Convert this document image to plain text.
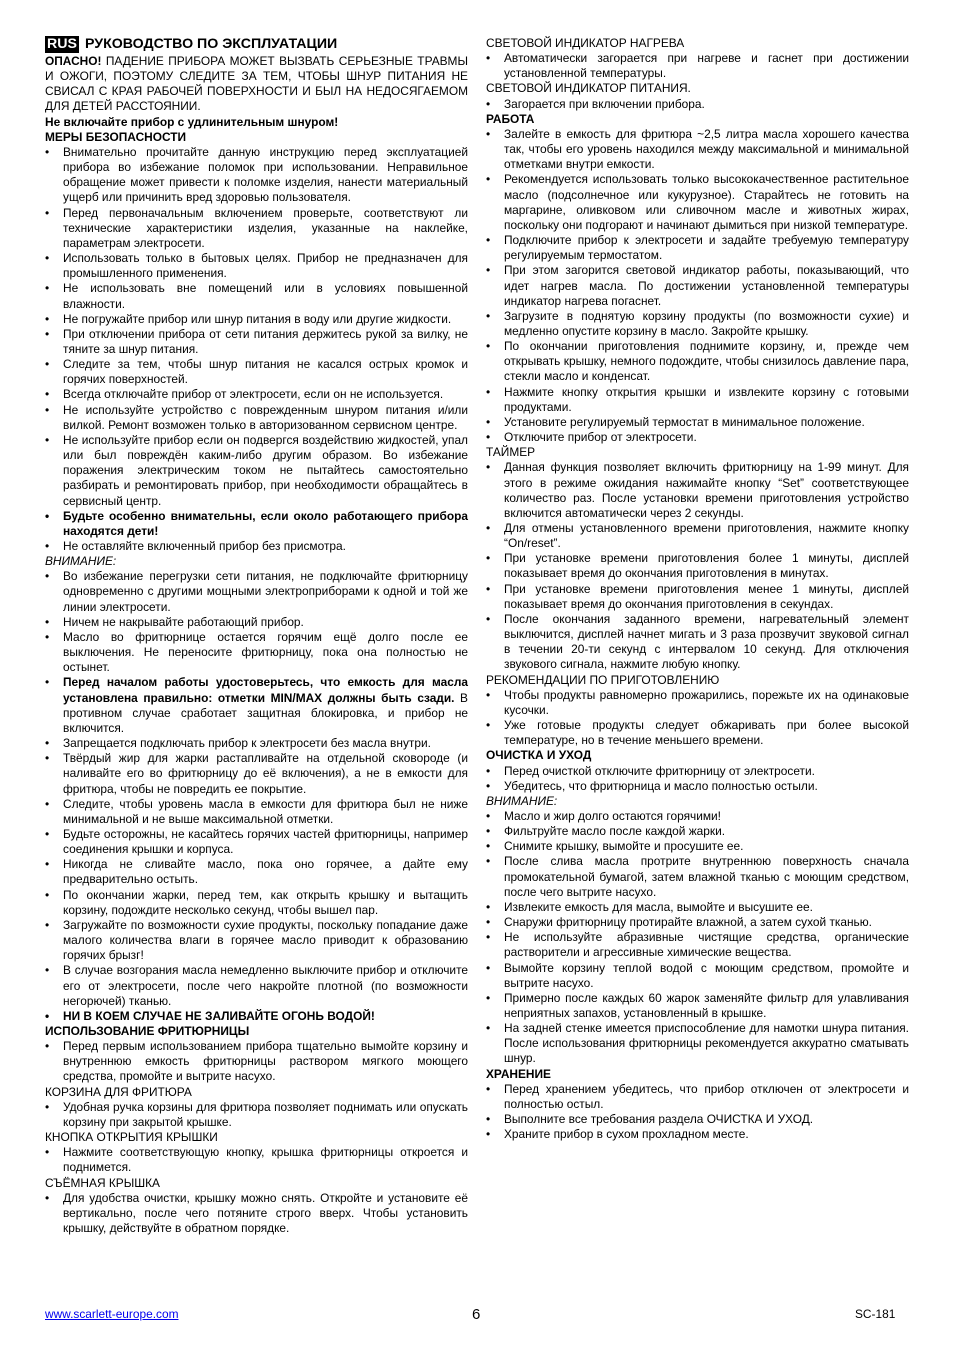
RUS РУКОВОДСТВО ПО ЭКСПЛУАТАЦИИ

ОПАСНО! ПАДЕНИЕ ПРИБОРА МОЖЕТ ВЫЗВАТЬ СЕРЬЕЗНЫЕ ТРАВМЫ И ОЖОГИ, ПОЭТОМУ СЛЕДИТЕ ЗА ТЕМ, ЧТОБЫ ШНУР ПИТАНИЯ НЕ СВИСАЛ С КРАЯ РАБОЧЕЙ ПОВЕРХНОСТИ И БЫЛ НА НЕДОСЯГАЕМОМ ДЛЯ ДЕТЕЙ РАССТОЯНИИ.

Не включайте прибор с удлинительным шнуром!

МЕРЫ БЕЗОПАСНОСТИ

• Внимательно прочитайте данную инструкцию перед эксплуатацией прибора во избежание поломок при использовании. Неправильное обращение может привести к поломке изделия, нанести материальный ущерб или причинить вред здоровью пользователя.
• Перед первоначальным включением проверьте, соответствуют ли технические характеристики изделия, указанные на наклейке, параметрам электросети.
• Использовать только в бытовых целях. Прибор не предназначен для промышленного применения.
• Не использовать вне помещений или в условиях повышенной влажности.
• Не погружайте прибор или шнур питания в воду или другие жидкости.
• При отключении прибора от сети питания держитесь рукой за вилку, не тяните за шнур питания.
• Следите за тем, чтобы шнур питания не касался острых кромок и горячих поверхностей.
• Всегда отключайте прибор от электросети, если он не используется.
• Не используйте устройство с поврежденным шнуром питания и/или вилкой. Ремонт возможен только в авторизованном сервисном центре.
• Не используйте прибор если он подвергся воздействию жидкостей, упал или был повреждён каким-либо другим образом. Во избежание поражения электрическим током не пытайтесь самостоятельно разбирать и ремонтировать прибор, при необходимости обращайтесь в сервисный центр.
• Будьте особенно внимательны, если около работающего прибора находятся дети!
• Не оставляйте включенный прибор без присмотра.

ВНИМАНИЕ:

• Во избежание перегрузки сети питания, не подключайте фритюрницу одновременно с другими мощными электроприборами к одной и той же линии электросети.
• Ничем не накрывайте работающий прибор.
• Масло во фритюрнице остается горячим ещё долго после ее выключения. Не переносите фритюрницу, пока она полностью не остынет.
• Перед началом работы удостоверьтесь, что емкость для масла установлена правильно: отметки MIN/MAX должны быть сзади. В противном случае сработает защитная блокировка, и прибор не включится.
• Запрещается подключать прибор к электросети без масла внутри.
• Твёрдый жир для жарки растапливайте на отдельной сковороде (и наливайте его во фритюрницу до её включения), а не в емкости для фритюра, чтобы не повредить ее покрытие.
• Следите, чтобы уровень масла в емкости для фритюра был не ниже минимальной и не выше максимальной отметки.
• Будьте осторожны, не касайтесь горячих частей фритюрницы, например соединения крышки и корпуса.
• Никогда не сливайте масло, пока оно горячее, а дайте ему предварительно остыть.
• По окончании жарки, перед тем, как открыть крышку и вытащить корзину, подождите несколько секунд, чтобы вышел пар.
• Загружайте по возможности сухие продукты, поскольку попадание даже малого количества влаги в горячее масло приводит к образованию горячих брызг!
• В случае возгорания масла немедленно выключите прибор и отключите его от электросети, после чего накройте плотной (по возможности негорючей) тканью.
• НИ В КОЕМ СЛУЧАЕ НЕ ЗАЛИВАЙТЕ ОГОНЬ ВОДОЙ!

ИСПОЛЬЗОВАНИЕ ФРИТЮРНИЦЫ

• Перед первым использованием прибора тщательно вымойте корзину и внутреннюю емкость фритюрницы раствором мягкого моющего средства, промойте и вытрите насухо.

КОРЗИНА ДЛЯ ФРИТЮРА

• Удобная ручка корзины для фритюра позволяет поднимать или опускать корзину при закрытой крышке.

КНОПКА ОТКРЫТИЯ КРЫШКИ

• Нажмите соответствующую кнопку, крышка фритюрницы откроется и поднимется.

СЪЁМНАЯ КРЫШКА

• Для удобства очистки, крышку можно снять. Откройте и установите её вертикально, после чего потяните строго вверх. Чтобы установить крышку, действуйте в обратном порядке.

СВЕТОВОЙ ИНДИКАТОР НАГРЕВА

• Автоматически загорается при нагреве и гаснет при достижении установленной температуры.

СВЕТОВОЙ ИНДИКАТОР ПИТАНИЯ.

• Загорается при включении прибора.

РАБОТА

• Залейте в емкость для фритюра ~2,5 литра масла хорошего качества так, чтобы его уровень находился между максимальной и минимальной отметками внутри емкости.
• Рекомендуется использовать только высококачественное растительное масло (подсолнечное или кукурузное). Старайтесь не готовить на маргарине, оливковом или сливочном масле и животных жирах, поскольку они подгорают и начинают дымиться при низкой температуре.
• Подключите прибор к электросети и задайте требуемую температуру регулируемым термостатом.
• При этом загорится световой индикатор работы, показывающий, что идет нагрев масла. По достижении установленной температуры индикатор нагрева погаснет.
• Загрузите в поднятую корзину продукты (по возможности сухие) и медленно опустите корзину в масло. Закройте крышку.
• По окончании приготовления поднимите корзину, и, прежде чем открывать крышку, немного подождите, чтобы снизилось давление пара, стекли масло и конденсат.
• Нажмите кнопку открытия крышки и извлеките корзину с готовыми продуктами.
• Установите регулируемый термостат в минимальное положение.
• Отключите прибор от электросети.

ТАЙМЕР

• Данная функция позволяет включить фритюрницу на 1-99 минут. Для этого в режиме ожидания нажимайте кнопку “Set” соответствующее количество раз. После установки времени приготовления устройство включится автоматически через 2 секунды.
• Для отмены установленного времени приготовления, нажмите кнопку “On/reset”.
• При установке времени приготовления более 1 минуты, дисплей показывает время до окончания приготовления в минутах.
• При установке времени приготовления менее 1 минуты, дисплей показывает время до окончания приготовления в секундах.
• После окончания заданного времени, нагревательный элемент выключится, дисплей начнет мигать и 3 раза прозвучит звуковой сигнал в течении 20-ти секунд с интервалом 10 секунд. Для отключения звукового сигнала, нажмите любую кнопку.

РЕКОМЕНДАЦИИ ПО ПРИГОТОВЛЕНИЮ

• Чтобы продукты равномерно прожарились, порежьте их на одинаковые кусочки.
• Уже готовые продукты следует обжаривать при более высокой температуре, но в течение меньшего времени.

ОЧИСТКА И УХОД

• Перед очисткой отключите фритюрницу от электросети.
• Убедитесь, что фритюрница и масло полностью остыли.

ВНИМАНИЕ:

• Масло и жир долго остаются горячими!
• Фильтруйте масло после каждой жарки.
• Снимите крышку, вымойте и просушите ее.
• После слива масла протрите внутреннюю поверхность сначала промокательной бумагой, затем влажной тканью с моющим средством, после чего вытрите насухо.
• Извлеките емкость для масла, вымойте и высушите ее.
• Снаружи фритюрницу протирайте влажной, а затем сухой тканью.
• Не используйте абразивные чистящие средства, органические растворители и агрессивные химические вещества.
• Вымойте корзину теплой водой с моющим средством, промойте и вытрите насухо.
• Примерно после каждых 60 жарок заменяйте фильтр для улавливания неприятных запахов, установленный в крышке.
• На задней стенке имеется приспособление для намотки шнура питания. После использования фритюрницы рекомендуется аккуратно сматывать шнур.

ХРАНЕНИЕ

• Перед хранением убедитесь, что прибор отключен от электросети и полностью остыл.
• Выполните все требования раздела ОЧИСТКА И УХОД.
• Храните прибор в сухом прохладном месте.
www.scarlett-europe.com	6	SC-181
